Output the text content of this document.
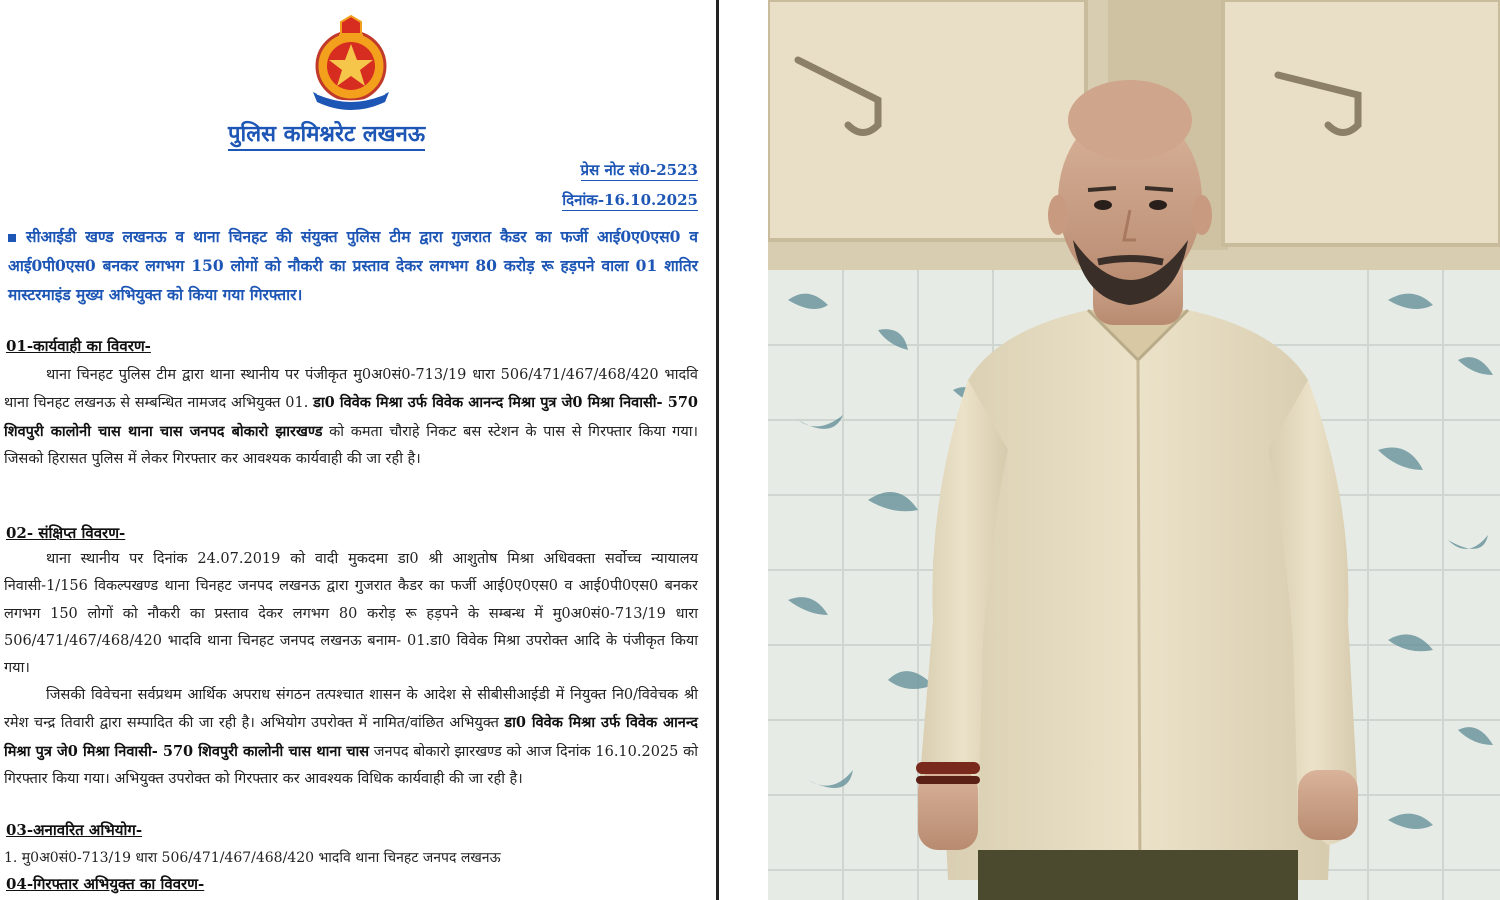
पुलिस कमिश्नरेट लखनऊ
प्रेस नोट सं0-2523
दिनांक-16.10.2025
सीआईडी खण्ड लखनऊ व थाना चिनहट की संयुक्त पुलिस टीम द्वारा गुजरात कैडर का फर्जी आई0ए0एस0 व आई0पी0एस0 बनकर लगभग 150 लोगों को नौकरी का प्रस्ताव देकर लगभग 80 करोड़ रू हड़पने वाला 01 शातिर मास्टरमाइंड मुख्य अभियुक्त को किया गया गिरफ्तार।
01-कार्यवाही का विवरण-
थाना चिनहट पुलिस टीम द्वारा थाना स्थानीय पर पंजीकृत मु0अ0सं0-713/19 धारा 506/471/467/468/420 भादवि थाना चिनहट लखनऊ से सम्बन्धित नामजद अभियुक्त 01. डा0 विवेक मिश्रा उर्फ विवेक आनन्द मिश्रा पुत्र जे0 मिश्रा निवासी- 570 शिवपुरी कालोनी चास थाना चास जनपद बोकारो झारखण्ड को कमता चौराहे निकट बस स्टेशन के पास से गिरफ्तार किया गया। जिसको हिरासत पुलिस में लेकर गिरफ्तार कर आवश्यक कार्यवाही की जा रही है।
02- संक्षिप्त विवरण-
थाना स्थानीय पर दिनांक 24.07.2019 को वादी मुकदमा डा0 श्री आशुतोष मिश्रा अधिवक्ता सर्वोच्च न्यायालय निवासी-1/156 विकल्पखण्ड थाना चिनहट जनपद लखनऊ द्वारा गुजरात कैडर का फर्जी आई0ए0एस0 व आई0पी0एस0 बनकर लगभग 150 लोगों को नौकरी का प्रस्ताव देकर लगभग 80 करोड़ रू हड़पने के सम्बन्ध में मु0अ0सं0-713/19 धारा 506/471/467/468/420 भादवि थाना चिनहट जनपद लखनऊ बनाम- 01.डा0 विवेक मिश्रा उपरोक्त आदि के पंजीकृत किया गया।
जिसकी विवेचना सर्वप्रथम आर्थिक अपराध संगठन तत्पश्चात शासन के आदेश से सीबीसीआईडी में नियुक्त नि0/विवेचक श्री रमेश चन्द्र तिवारी द्वारा सम्पादित की जा रही है। अभियोग उपरोक्त में नामित/वांछित अभियुक्त डा0 विवेक मिश्रा उर्फ विवेक आनन्द मिश्रा पुत्र जे0 मिश्रा निवासी- 570 शिवपुरी कालोनी चास थाना चास जनपद बोकारो झारखण्ड को आज दिनांक 16.10.2025 को गिरफ्तार किया गया। अभियुक्त उपरोक्त को गिरफ्तार कर आवश्यक विधिक कार्यवाही की जा रही है।
03-अनावरित अभियोग-
1. मु0अ0सं0-713/19 धारा 506/471/467/468/420 भादवि थाना चिनहट जनपद लखनऊ
04-गिरफ्तार अभियुक्त का विवरण-
